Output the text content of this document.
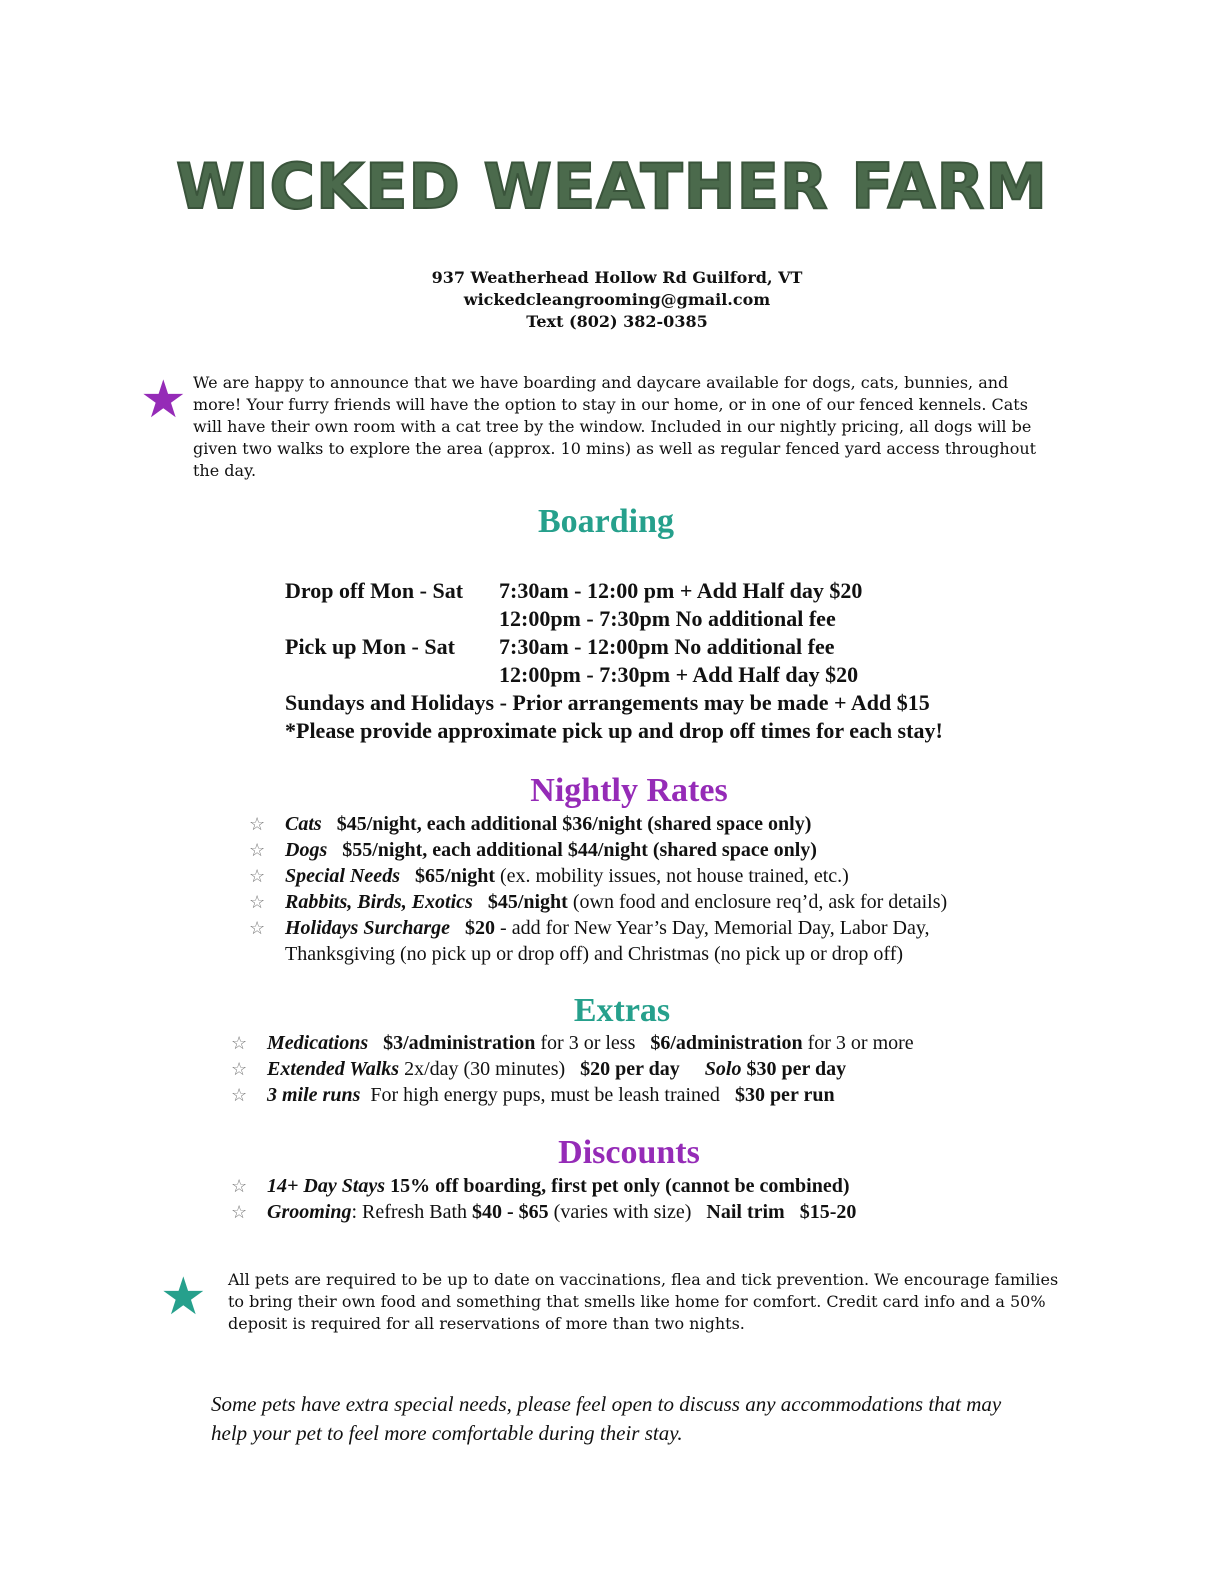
WICKED WEATHER FARM
937 Weatherhead Hollow Rd Guilford, VT
wickedcleangrooming@gmail.com
Text (802) 382-0385
★ We are happy to announce that we have boarding and daycare available for dogs, cats, bunnies, and more! Your furry friends will have the option to stay in our home, or in one of our fenced kennels. Cats will have their own room with a cat tree by the window. Included in our nightly pricing, all dogs will be given two walks to explore the area (approx. 10 mins) as well as regular fenced yard access throughout the day.
Boarding
Drop off Mon - Sat 7:30am - 12:00 pm + Add Half day $20
12:00pm - 7:30pm No additional fee
Pick up Mon - Sat 7:30am - 12:00pm No additional fee
12:00pm - 7:30pm + Add Half day $20
Sundays and Holidays - Prior arrangements may be made + Add $15
*Please provide approximate pick up and drop off times for each stay!
Nightly Rates
☆ Cats $45/night, each additional $36/night (shared space only)
☆ Dogs $55/night, each additional $44/night (shared space only)
☆ Special Needs $65/night (ex. mobility issues, not house trained, etc.)
☆ Rabbits, Birds, Exotics $45/night (own food and enclosure req’d, ask for details)
☆ Holidays Surcharge $20 - add for New Year’s Day, Memorial Day, Labor Day,
Thanksgiving (no pick up or drop off) and Christmas (no pick up or drop off)
Extras
☆ Medications $3/administration for 3 or less $6/administration for 3 or more
☆ Extended Walks 2x/day (30 minutes) $20 per day Solo $30 per day
☆ 3 mile runs For high energy pups, must be leash trained $30 per run
Discounts
☆ 14+ Day Stays 15% off boarding, first pet only (cannot be combined)
☆ Grooming: Refresh Bath $40 - $65 (varies with size) Nail trim $15-20
★ All pets are required to be up to date on vaccinations, flea and tick prevention. We encourage families to bring their own food and something that smells like home for comfort. Credit card info and a 50% deposit is required for all reservations of more than two nights.
Some pets have extra special needs, please feel open to discuss any accommodations that may help your pet to feel more comfortable during their stay.
